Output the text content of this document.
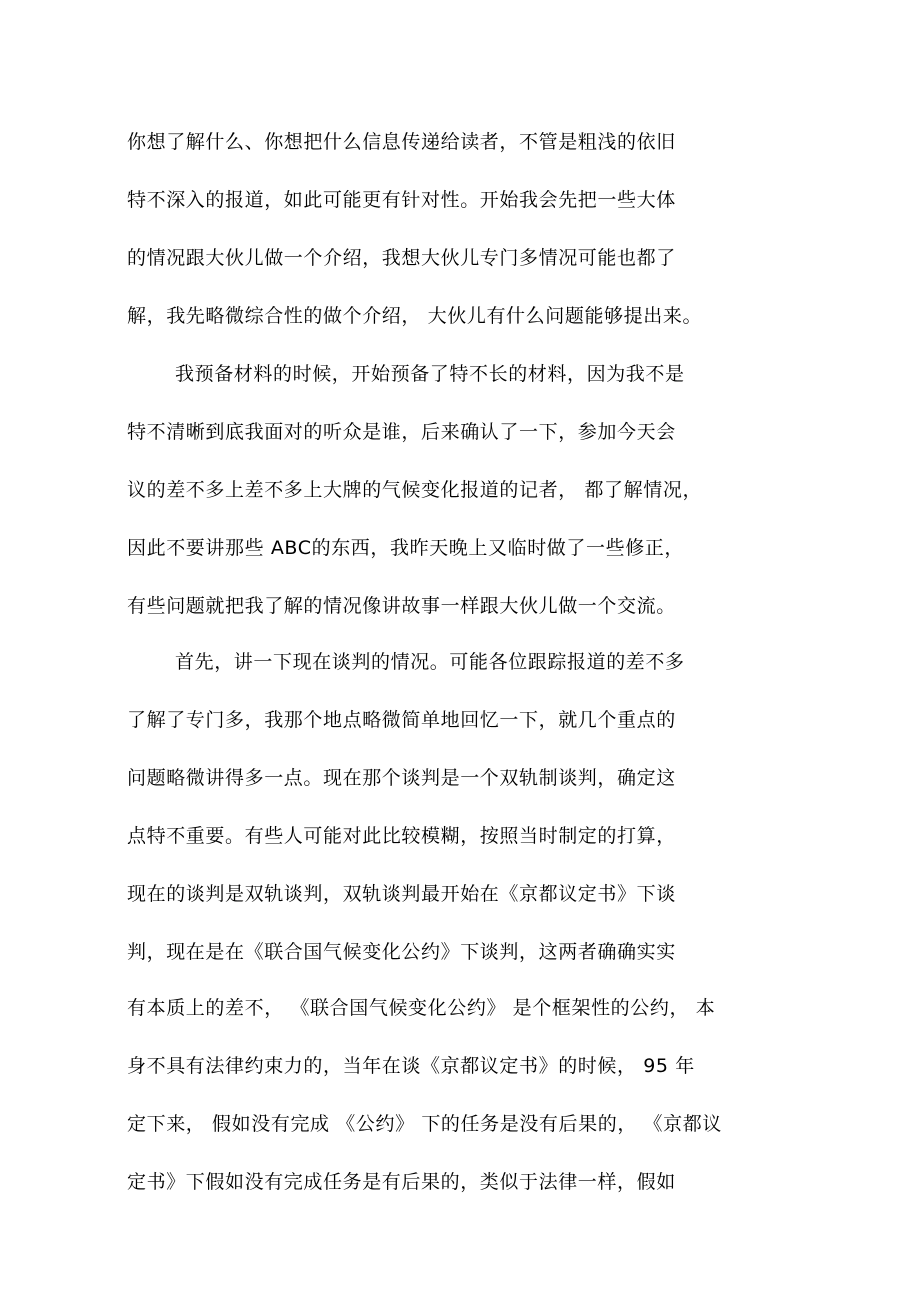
你想了解什么、你想把什么信息传递给读者，不管是粗浅的依旧
特不深入的报道，如此可能更有针对性。开始我会先把一些大体
的情况跟大伙儿做一个介绍，我想大伙儿专门多情况可能也都了
解，我先略微综合性的做个介绍， 大伙儿有什么问题能够提出来。
我预备材料的时候，开始预备了特不长的材料，因为我不是
特不清晰到底我面对的听众是谁，后来确认了一下，参加今天会
议的差不多上差不多上大牌的气候变化报道的记者， 都了解情况，
因此不要讲那些 ABC的东西，我昨天晚上又临时做了一些修正，
有些问题就把我了解的情况像讲故事一样跟大伙儿做一个交流。
首先，讲一下现在谈判的情况。可能各位跟踪报道的差不多
了解了专门多，我那个地点略微简单地回忆一下，就几个重点的
问题略微讲得多一点。现在那个谈判是一个双轨制谈判，确定这
点特不重要。有些人可能对此比较模糊，按照当时制定的打算，
现在的谈判是双轨谈判，双轨谈判最开始在《京都议定书》下谈
判，现在是在《联合国气候变化公约》下谈判，这两者确确实实
有本质上的差不， 《联合国气候变化公约》 是个框架性的公约， 本
身不具有法律约束力的，当年在谈《京都议定书》的时候， 95 年
定下来， 假如没有完成 《公约》 下的任务是没有后果的， 《京都议
定书》下假如没有完成任务是有后果的，类似于法律一样，假如
